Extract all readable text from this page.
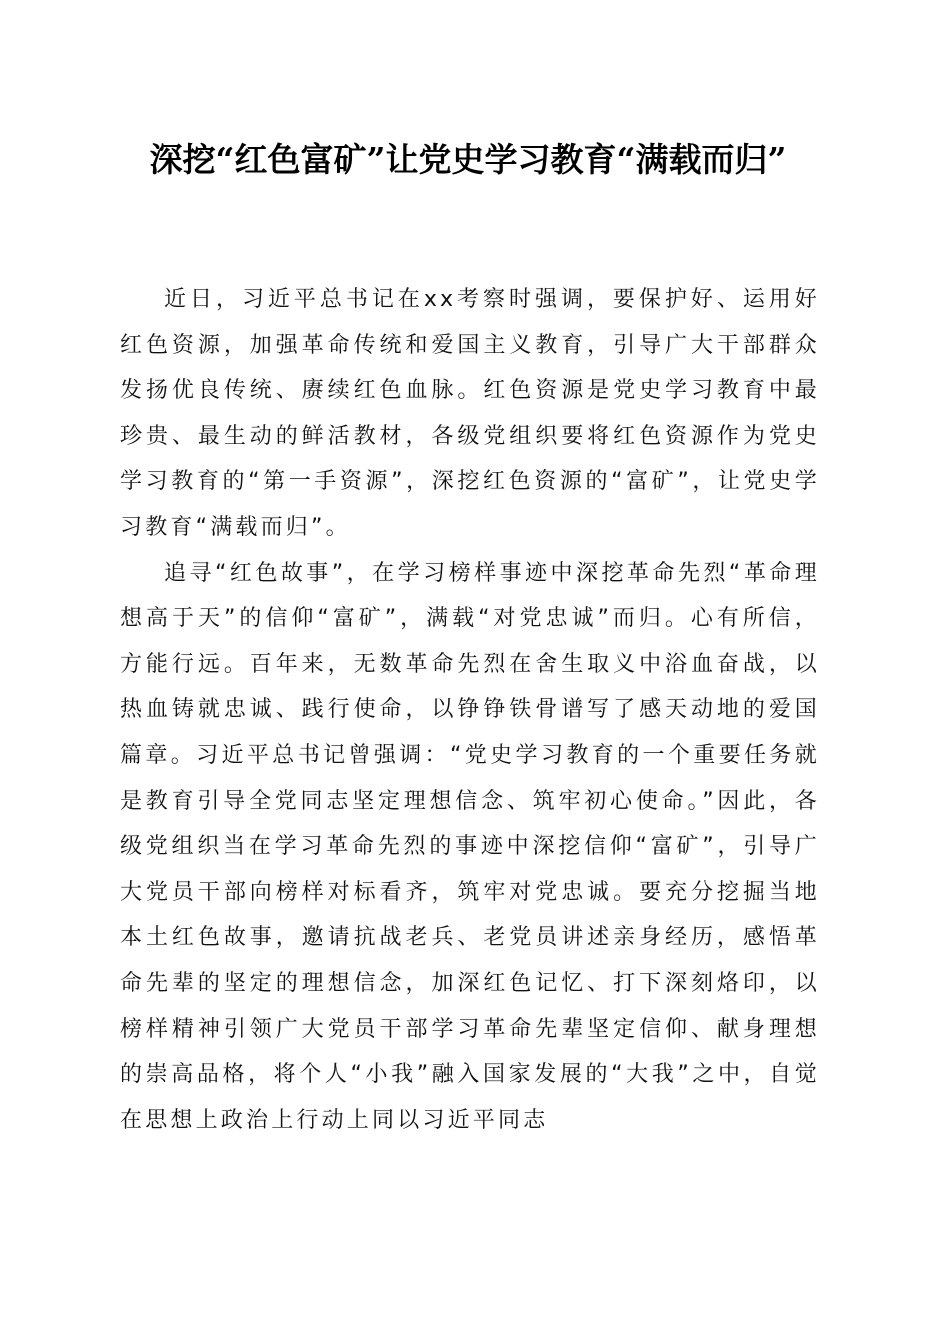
深挖“红色富矿”让党史学习教育“满载而归”

近日，习近平总书记在xx考察时强调，要保护好、运用好红色资源，加强革命传统和爱国主义教育，引导广大干部群众发扬优良传统、赓续红色血脉。红色资源是党史学习教育中最珍贵、最生动的鲜活教材，各级党组织要将红色资源作为党史学习教育的“第一手资源”，深挖红色资源的“富矿”，让党史学习教育“满载而归”。

追寻“红色故事”，在学习榜样事迹中深挖革命先烈“革命理想高于天”的信仰“富矿”，满载“对党忠诚”而归。心有所信，方能行远。百年来，无数革命先烈在舍生取义中浴血奋战，以热血铸就忠诚、践行使命，以铮铮铁骨谱写了感天动地的爱国篇章。习近平总书记曾强调：“党史学习教育的一个重要任务就是教育引导全党同志坚定理想信念、筑牢初心使命。”因此，各级党组织当在学习革命先烈的事迹中深挖信仰“富矿”，引导广大党员干部向榜样对标看齐，筑牢对党忠诚。要充分挖掘当地本土红色故事，邀请抗战老兵、老党员讲述亲身经历，感悟革命先辈的坚定的理想信念，加深红色记忆、打下深刻烙印，以榜样精神引领广大党员干部学习革命先辈坚定信仰、献身理想的崇高品格，将个人“小我”融入国家发展的“大我”之中，自觉在思想上政治上行动上同以习近平同志
